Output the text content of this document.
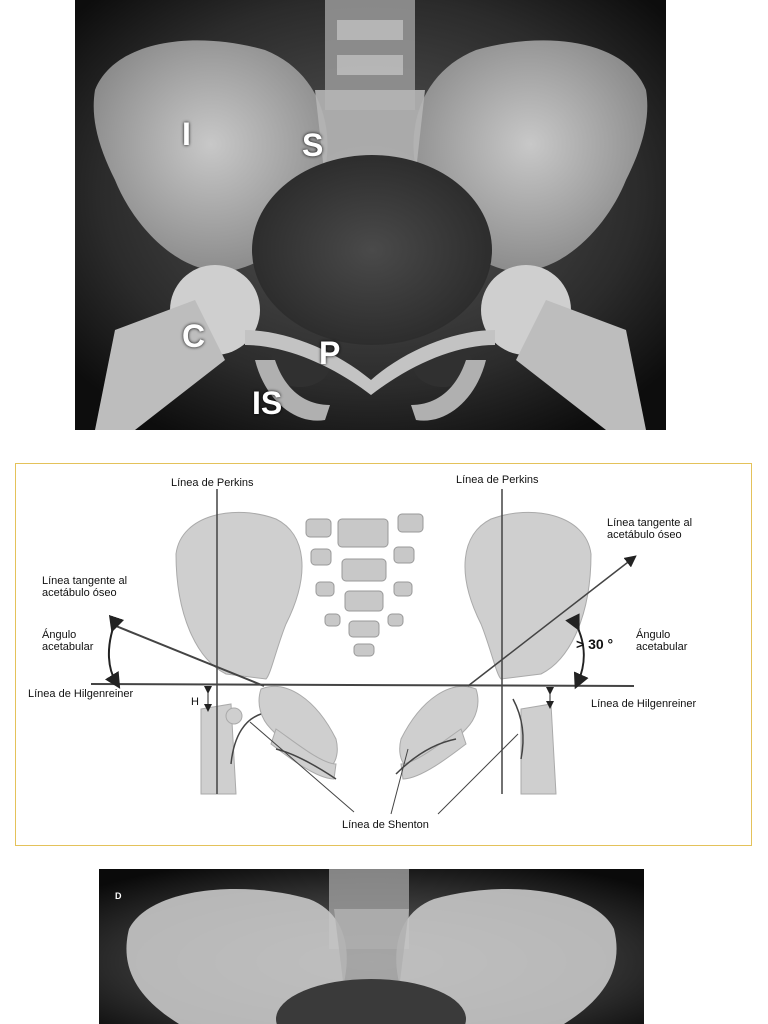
I	S
C	P
IS
Línea de Perkins	Línea de Perkins
Línea tangente al
acetábulo óseo
Línea tangente al
acetábulo óseo
Ángulo
acetabular	> 30 °
Ángulo
acetabular
Línea de Hilgenreiner
Línea de Hilgenreiner
H
Línea de Shenton
D
